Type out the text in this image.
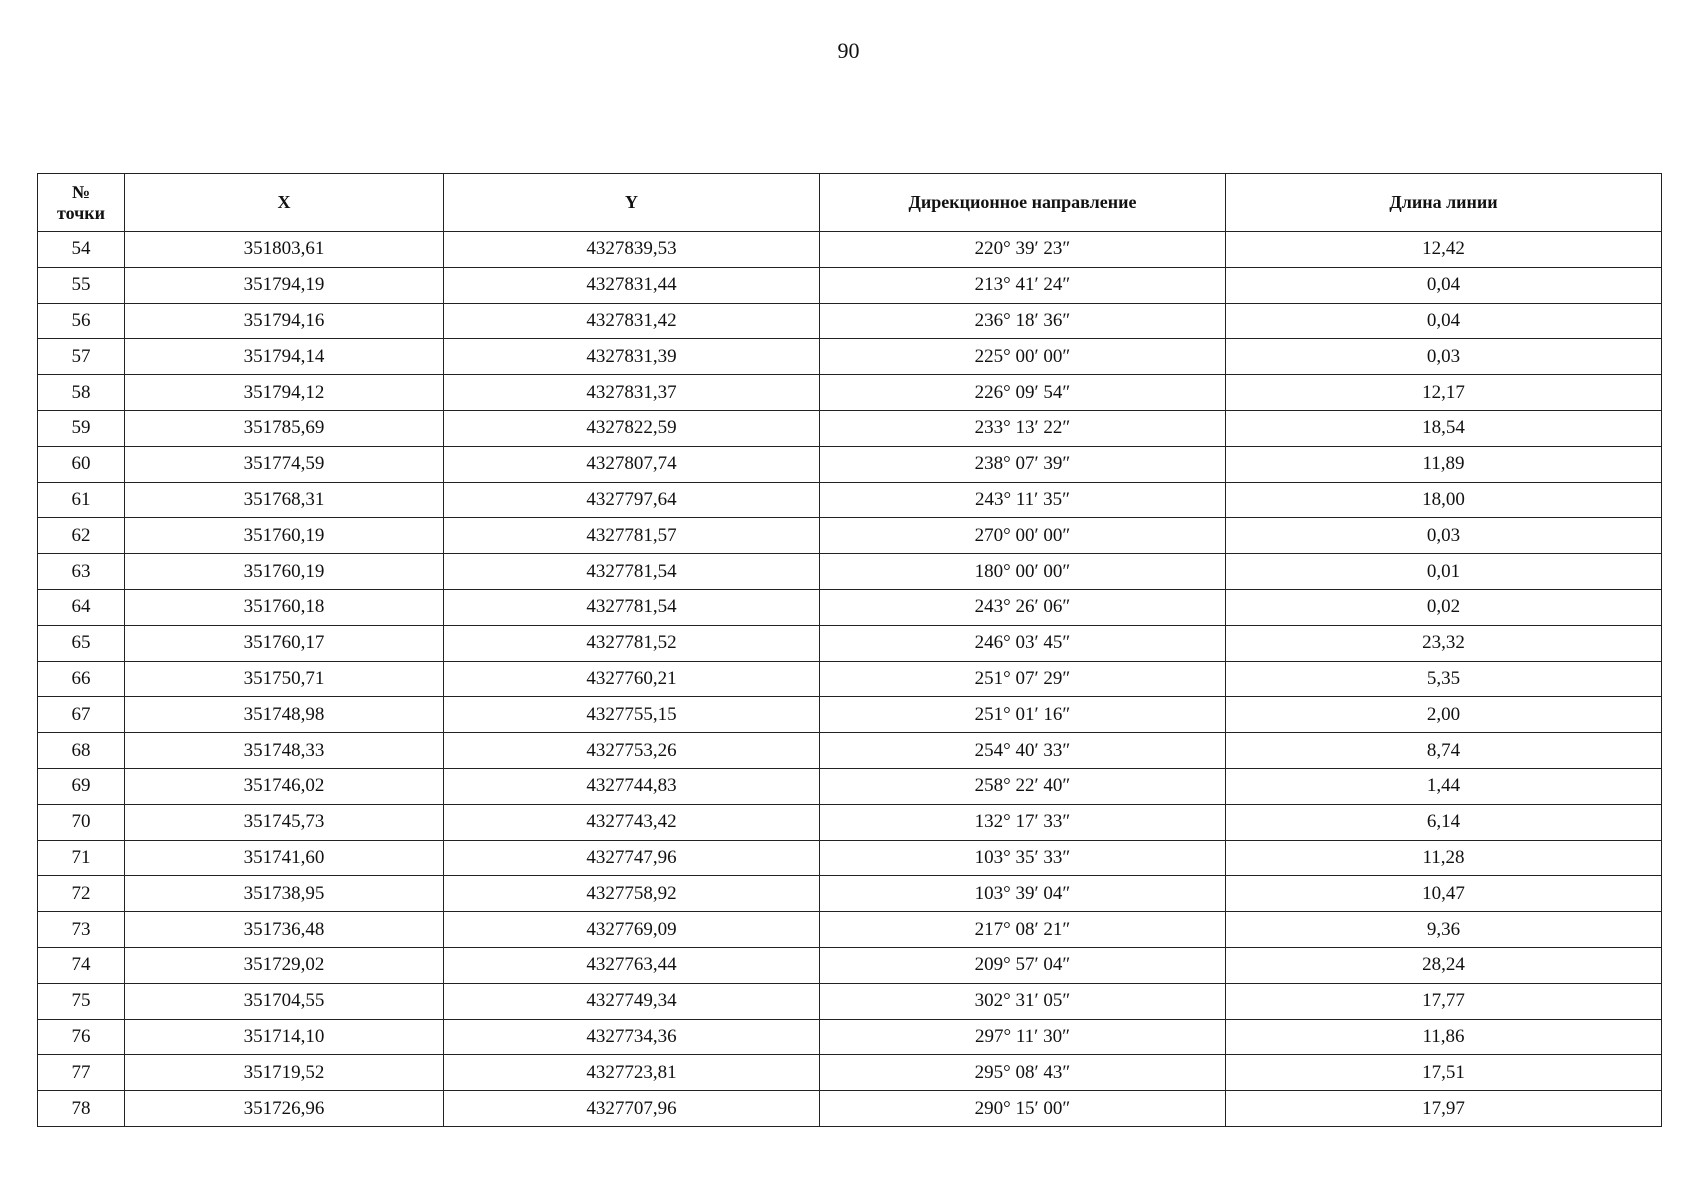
90
№
точки	X	Y	Дирекционное направление	Длина линии
54	351803,61	4327839,53	220° 39′ 23″	12,42
55	351794,19	4327831,44	213° 41′ 24″	0,04
56	351794,16	4327831,42	236° 18′ 36″	0,04
57	351794,14	4327831,39	225° 00′ 00″	0,03
58	351794,12	4327831,37	226° 09′ 54″	12,17
59	351785,69	4327822,59	233° 13′ 22″	18,54
60	351774,59	4327807,74	238° 07′ 39″	11,89
61	351768,31	4327797,64	243° 11′ 35″	18,00
62	351760,19	4327781,57	270° 00′ 00″	0,03
63	351760,19	4327781,54	180° 00′ 00″	0,01
64	351760,18	4327781,54	243° 26′ 06″	0,02
65	351760,17	4327781,52	246° 03′ 45″	23,32
66	351750,71	4327760,21	251° 07′ 29″	5,35
67	351748,98	4327755,15	251° 01′ 16″	2,00
68	351748,33	4327753,26	254° 40′ 33″	8,74
69	351746,02	4327744,83	258° 22′ 40″	1,44
70	351745,73	4327743,42	132° 17′ 33″	6,14
71	351741,60	4327747,96	103° 35′ 33″	11,28
72	351738,95	4327758,92	103° 39′ 04″	10,47
73	351736,48	4327769,09	217° 08′ 21″	9,36
74	351729,02	4327763,44	209° 57′ 04″	28,24
75	351704,55	4327749,34	302° 31′ 05″	17,77
76	351714,10	4327734,36	297° 11′ 30″	11,86
77	351719,52	4327723,81	295° 08′ 43″	17,51
78	351726,96	4327707,96	290° 15′ 00″	17,97
